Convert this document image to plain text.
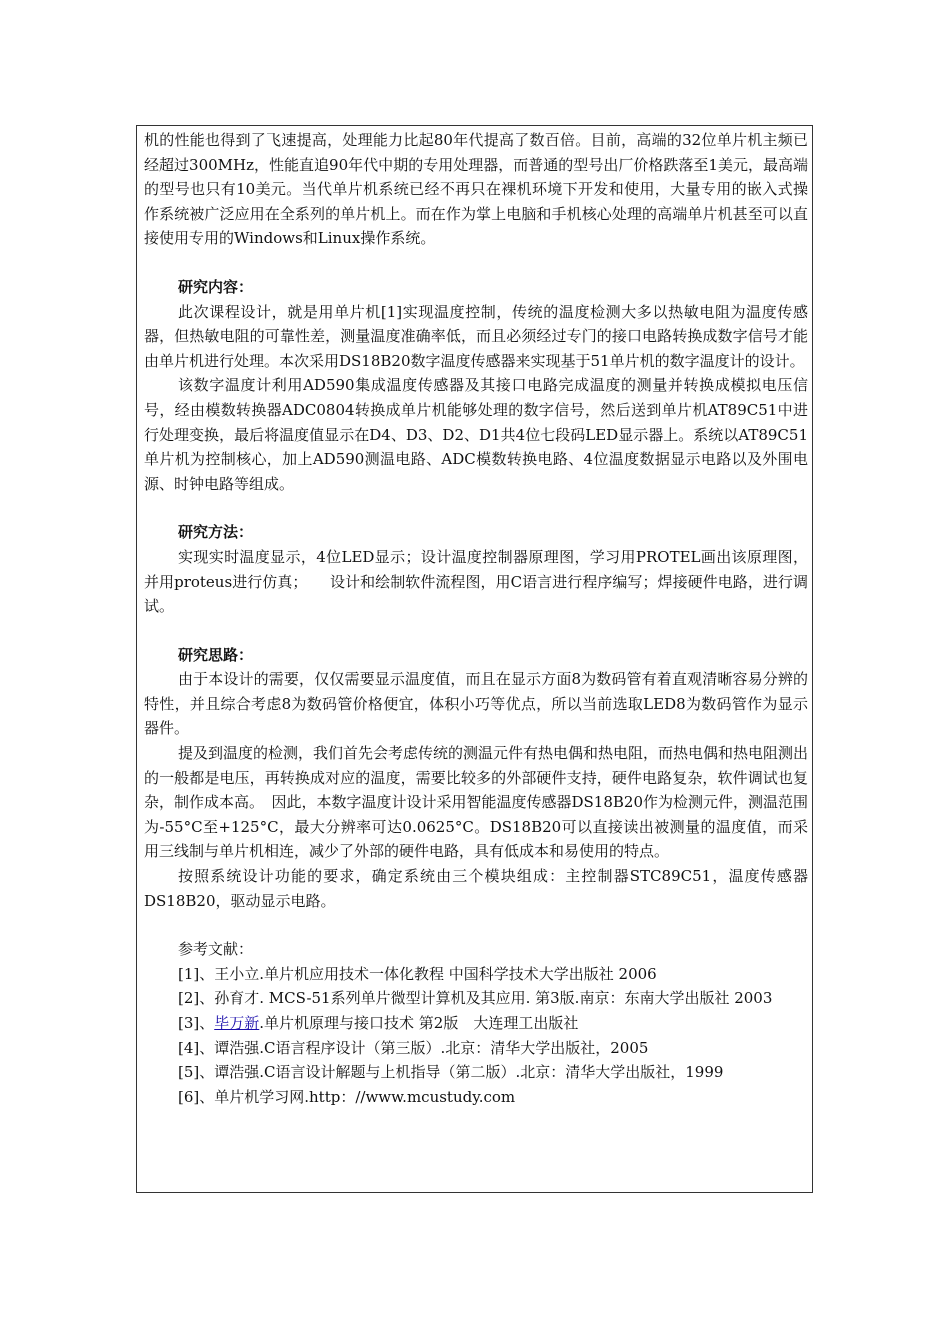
机的性能也得到了飞速提高，处理能力比起80年代提高了数百倍。目前，高端的32位单片机主频已经超过300MHz，性能直追90年代中期的专用处理器，而普通的型号出厂价格跌落至1美元，最高端的型号也只有10美元。当代单片机系统已经不再只在裸机环境下开发和使用，大量专用的嵌入式操作系统被广泛应用在全系列的单片机上。而在作为掌上电脑和手机核心处理的高端单片机甚至可以直接使用专用的Windows和Linux操作系统。

研究内容：

此次课程设计，就是用单片机[1]实现温度控制，传统的温度检测大多以热敏电阻为温度传感器，但热敏电阻的可靠性差，测量温度准确率低，而且必须经过专门的接口电路转换成数字信号才能由单片机进行处理。本次采用DS18B20数字温度传感器来实现基于51单片机的数字温度计的设计。

该数字温度计利用AD590集成温度传感器及其接口电路完成温度的测量并转换成模拟电压信号，经由模数转换器ADC0804转换成单片机能够处理的数字信号，然后送到单片机AT89C51中进行处理变换，最后将温度值显示在D4、D3、D2、D1共4位七段码LED显示器上。系统以AT89C51单片机为控制核心，加上AD590测温电路、ADC模数转换电路、4位温度数据显示电路以及外围电源、时钟电路等组成。

研究方法：

实现实时温度显示，4位LED显示；设计温度控制器原理图，学习用PROTEL画出该原理图，并用proteus进行仿真；　　设计和绘制软件流程图，用C语言进行程序编写；焊接硬件电路，进行调试。

研究思路：

由于本设计的需要，仅仅需要显示温度值，而且在显示方面8为数码管有着直观清晰容易分辨的特性，并且综合考虑8为数码管价格便宜，体积小巧等优点，所以当前选取LED8为数码管作为显示器件。

提及到温度的检测，我们首先会考虑传统的测温元件有热电偶和热电阻，而热电偶和热电阻测出的一般都是电压，再转换成对应的温度，需要比较多的外部硬件支持，硬件电路复杂，软件调试也复杂，制作成本高。　因此，本数字温度计设计采用智能温度传感器DS18B20作为检测元件，测温范围为-55°C至+125°C，最大分辨率可达0.0625°C。DS18B20可以直接读出被测量的温度值，而采用三线制与单片机相连，减少了外部的硬件电路，具有低成本和易使用的特点。

按照系统设计功能的要求，确定系统由三个模块组成：主控制器STC89C51，温度传感器DS18B20，驱动显示电路。

参考文献：

[1]、王小立.单片机应用技术一体化教程 中国科学技术大学出版社 2006

[2]、孙育才. MCS-51系列单片微型计算机及其应用. 第3版.南京：东南大学出版社 2003

[3]、毕万新.单片机原理与接口技术 第2版　大连理工出版社

[4]、谭浩强.C语言程序设计（第三版）.北京：清华大学出版社，2005

[5]、谭浩强.C语言设计解题与上机指导（第二版）.北京：清华大学出版社，1999

[6]、单片机学习网.http：//www.mcustudy.com
